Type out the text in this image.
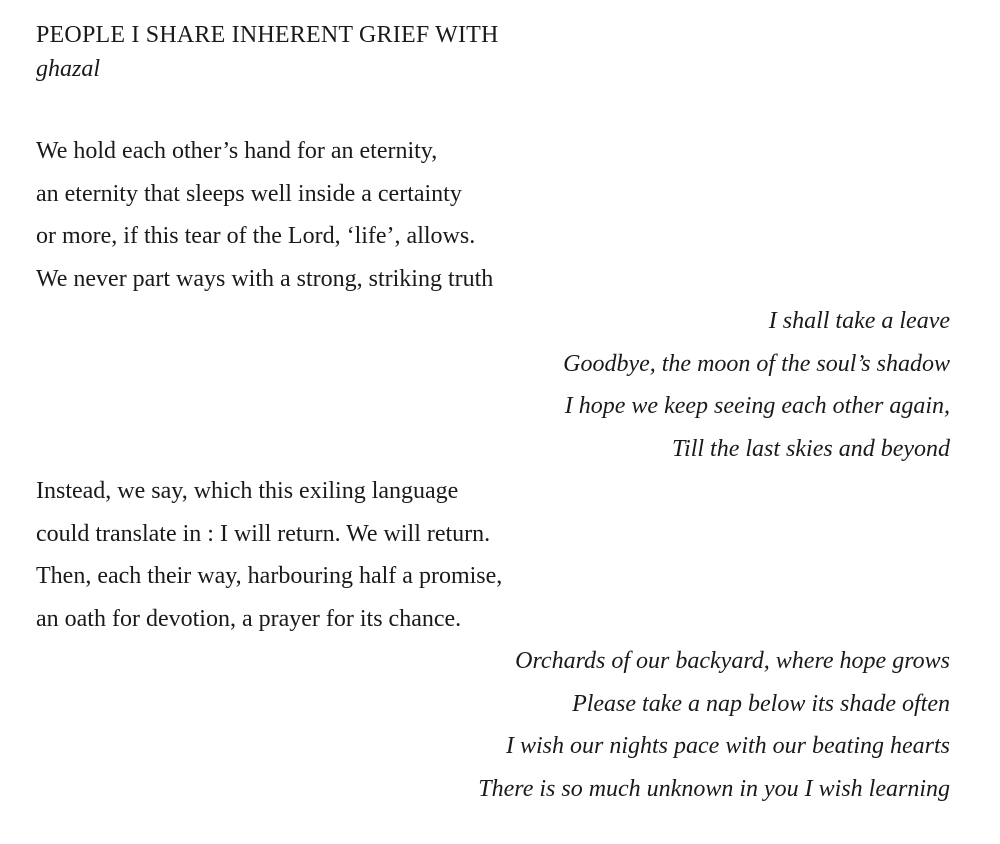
PEOPLE I SHARE INHERENT GRIEF WITH
ghazal
We hold each other’s hand for an eternity,
an eternity that sleeps well inside a certainty
or more, if this tear of the Lord, ‘life’, allows.
We never part ways with a strong, striking truth
I shall take a leave
Goodbye, the moon of the soul’s shadow
I hope we keep seeing each other again,
Till the last skies and beyond
Instead, we say, which this exiling language
could translate in : I will return. We will return.
Then, each their way, harbouring half a promise,
an oath for devotion, a prayer for its chance.
Orchards of our backyard, where hope grows
Please take a nap below its shade often
I wish our nights pace with our beating hearts
There is so much unknown in you I wish learning
